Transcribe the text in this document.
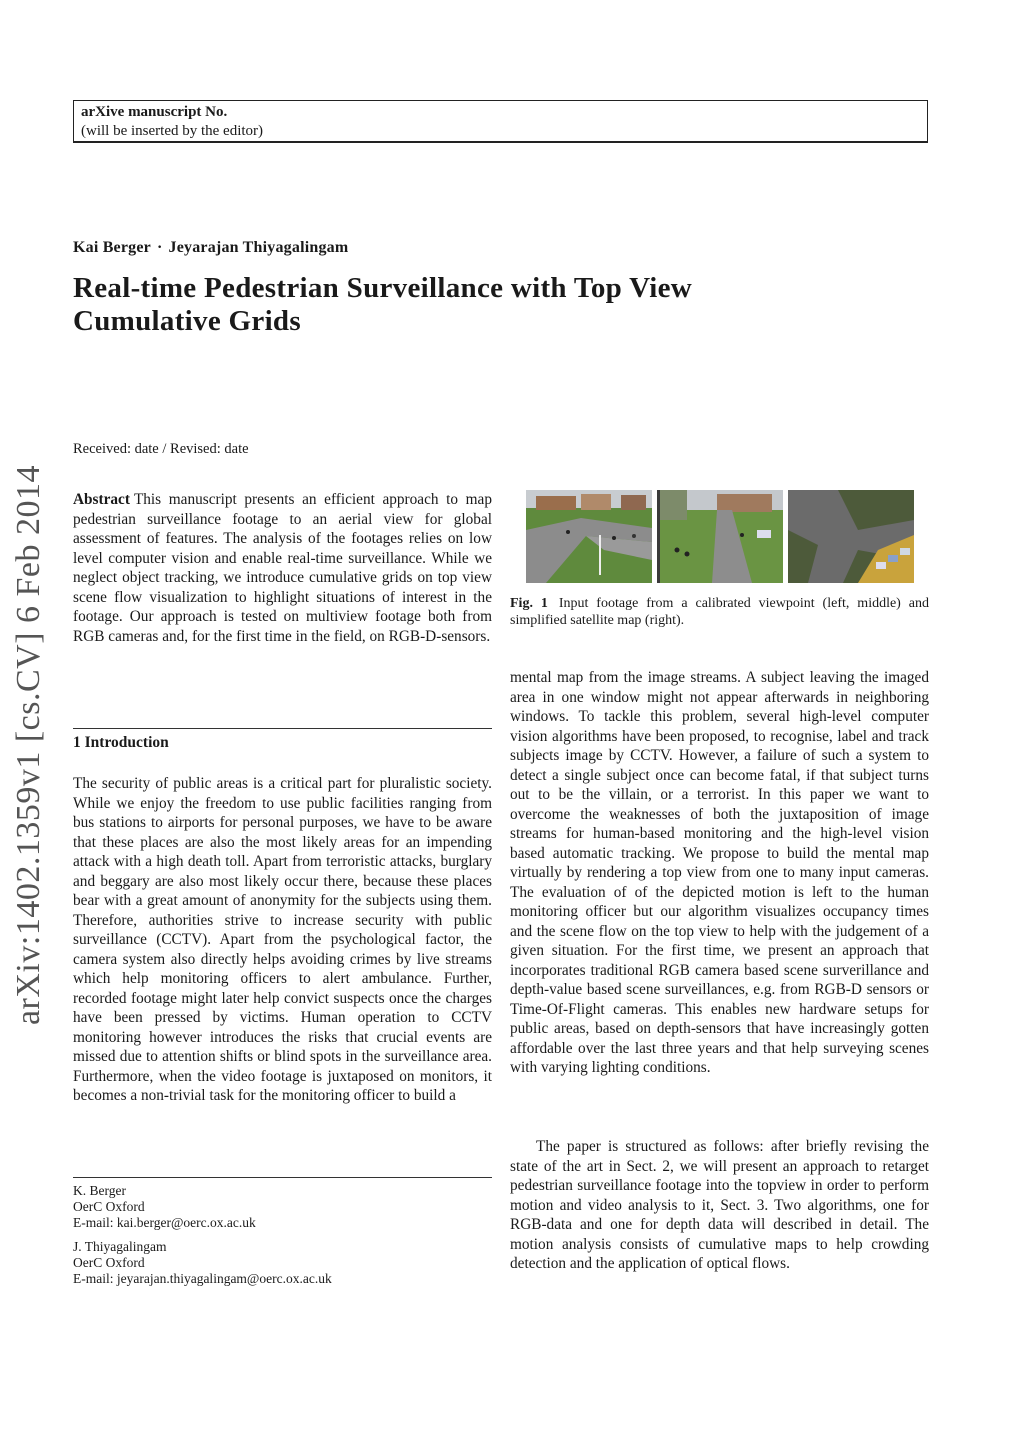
arXive manuscript No.
(will be inserted by the editor)
Kai Berger · Jeyarajan Thiyagalingam
Real-time Pedestrian Surveillance with Top View
Cumulative Grids
Received: date / Revised: date
arXiv:1402.1359v1 [cs.CV] 6 Feb 2014 Abstract This manuscript presents an efficient approach to map pedestrian surveillance footage to an aerial view for global assessment of features. The analysis of the footages relies on low level computer vision and enable real-time surveillance. While we neglect object tracking, we introduce cumulative grids on top view scene flow visualization to highlight situations of interest in the footage. Our approach is tested on multiview footage both from RGB cameras and, for the first time in the field, on RGB-D-sensors.

1 Introduction

The security of public areas is a critical part for pluralistic society. While we enjoy the freedom to use public facilities ranging from bus stations to airports for personal purposes, we have to be aware that these places are also the most likely areas for an impending attack with a high death toll. Apart from terroristic attacks, burglary and beggary are also most likely occur there, because these places bear with a great amount of anonymity for the subjects using them. Therefore, authorities strive to increase security with public surveillance (CCTV). Apart from the psychological factor, the camera system also directly helps avoiding crimes by live streams which help monitoring officers to alert ambulance. Further, recorded footage might later help convict suspects once the charges have been pressed by victims. Human operation to CCTV monitoring however introduces the risks that crucial events are missed due to attention shifts or blind spots in the surveillance area. Furthermore, when the video footage is juxtaposed on monitors, it becomes a non-trivial task for the monitoring officer to build a

K. Berger
OerC Oxford
E-mail: kai.berger@oerc.ox.ac.uk
J. Thiyagalingam
OerC Oxford
E-mail: jeyarajan.thiyagalingam@oerc.ox.ac.uk
Fig. 1 Input footage from a calibrated viewpoint (left, middle) and simplified satellite map (right).

mental map from the image streams. A subject leaving the imaged area in one window might not appear afterwards in neighboring windows. To tackle this problem, several high-level computer vision algorithms have been proposed, to recognise, label and track subjects image by CCTV. However, a failure of such a system to detect a single subject once can become fatal, if that subject turns out to be the villain, or a terrorist. In this paper we want to overcome the weaknesses of both the juxtaposition of image streams for human-based monitoring and the high-level vision based automatic tracking. We propose to build the mental map virtually by rendering a top view from one to many input cameras. The evaluation of of the depicted motion is left to the human monitoring officer but our algorithm visualizes occupancy times and the scene flow on the top view to help with the judgement of a given situation. For the first time, we present an approach that incorporates traditional RGB camera based scene surverillance and depth-value based scene surveillances, e.g. from RGB-D sensors or Time-Of-Flight cameras. This enables new hardware setups for public areas, based on depth-sensors that have increasingly gotten affordable over the last three years and that help surveying scenes with varying lighting conditions.

The paper is structured as follows: after briefly revising the state of the art in Sect. 2, we will present an approach to retarget pedestrian surveillance footage into the topview in order to perform motion and video analysis to it, Sect. 3. Two algorithms, one for RGB-data and one for depth data will described in detail. The motion analysis consists of cumulative maps to help crowding detection and the application of optical flows.
